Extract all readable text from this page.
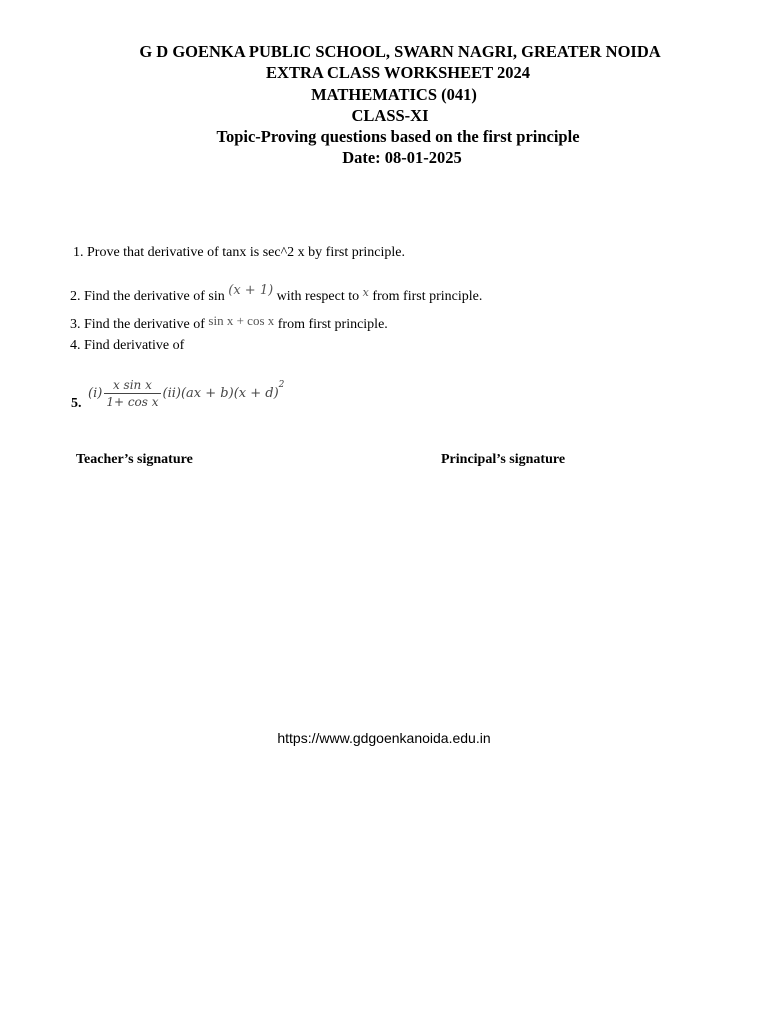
G D GOENKA PUBLIC SCHOOL, SWARN NAGRI, GREATER NOIDA
EXTRA CLASS WORKSHEET 2024
MATHEMATICS (041)
CLASS-XI
Topic-Proving questions based on the first principle
Date: 08-01-2025
1. Prove that derivative of tanx is sec^2 x by first principle.
2. Find the derivative of sin (x + 1) with respect to $^x$ from first principle.
3. Find the derivative of sin x + cos x from first principle.
4. Find derivative of
5.
$(i) \frac{\text{x sin x}}{\text{1+ cos x}} (ii) (ax + b)(x + d)$
$^2$
Teacher’s signature	Principal’s signature
https://www.gdgoenkanoida.edu.in
